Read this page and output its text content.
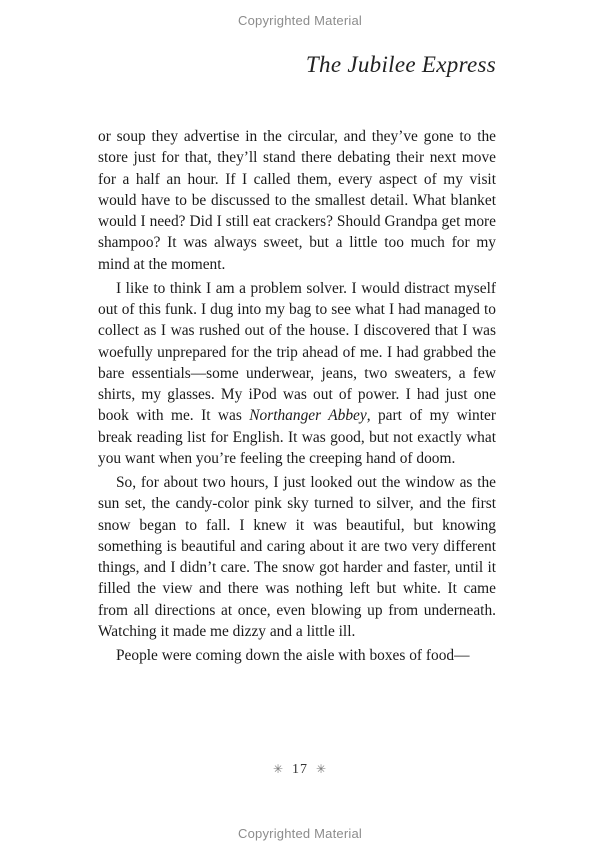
Copyrighted Material
The Jubilee Express

or soup they advertise in the circular, and they’ve gone to the store just for that, they’ll stand there debating their next move for a half an hour. If I called them, every aspect of my visit would have to be discussed to the smallest detail. What blanket would I need? Did I still eat crackers? Should Grandpa get more shampoo? It was always sweet, but a little too much for my mind at the moment.

I like to think I am a problem solver. I would distract myself out of this funk. I dug into my bag to see what I had managed to collect as I was rushed out of the house. I discovered that I was woefully unprepared for the trip ahead of me. I had grabbed the bare essentials—some underwear, jeans, two sweaters, a few shirts, my glasses. My iPod was out of power. I had just one book with me. It was Northanger Abbey, part of my winter break reading list for English. It was good, but not exactly what you want when you’re feeling the creeping hand of doom.

So, for about two hours, I just looked out the window as the sun set, the candy-color pink sky turned to silver, and the first snow began to fall. I knew it was beautiful, but knowing something is beautiful and caring about it are two very different things, and I didn’t care. The snow got harder and faster, until it filled the view and there was nothing left but white. It came from all directions at once, even blowing up from underneath. Watching it made me dizzy and a little ill.

People were coming down the aisle with boxes of food—

✳ 17 ✳
Copyrighted Material
